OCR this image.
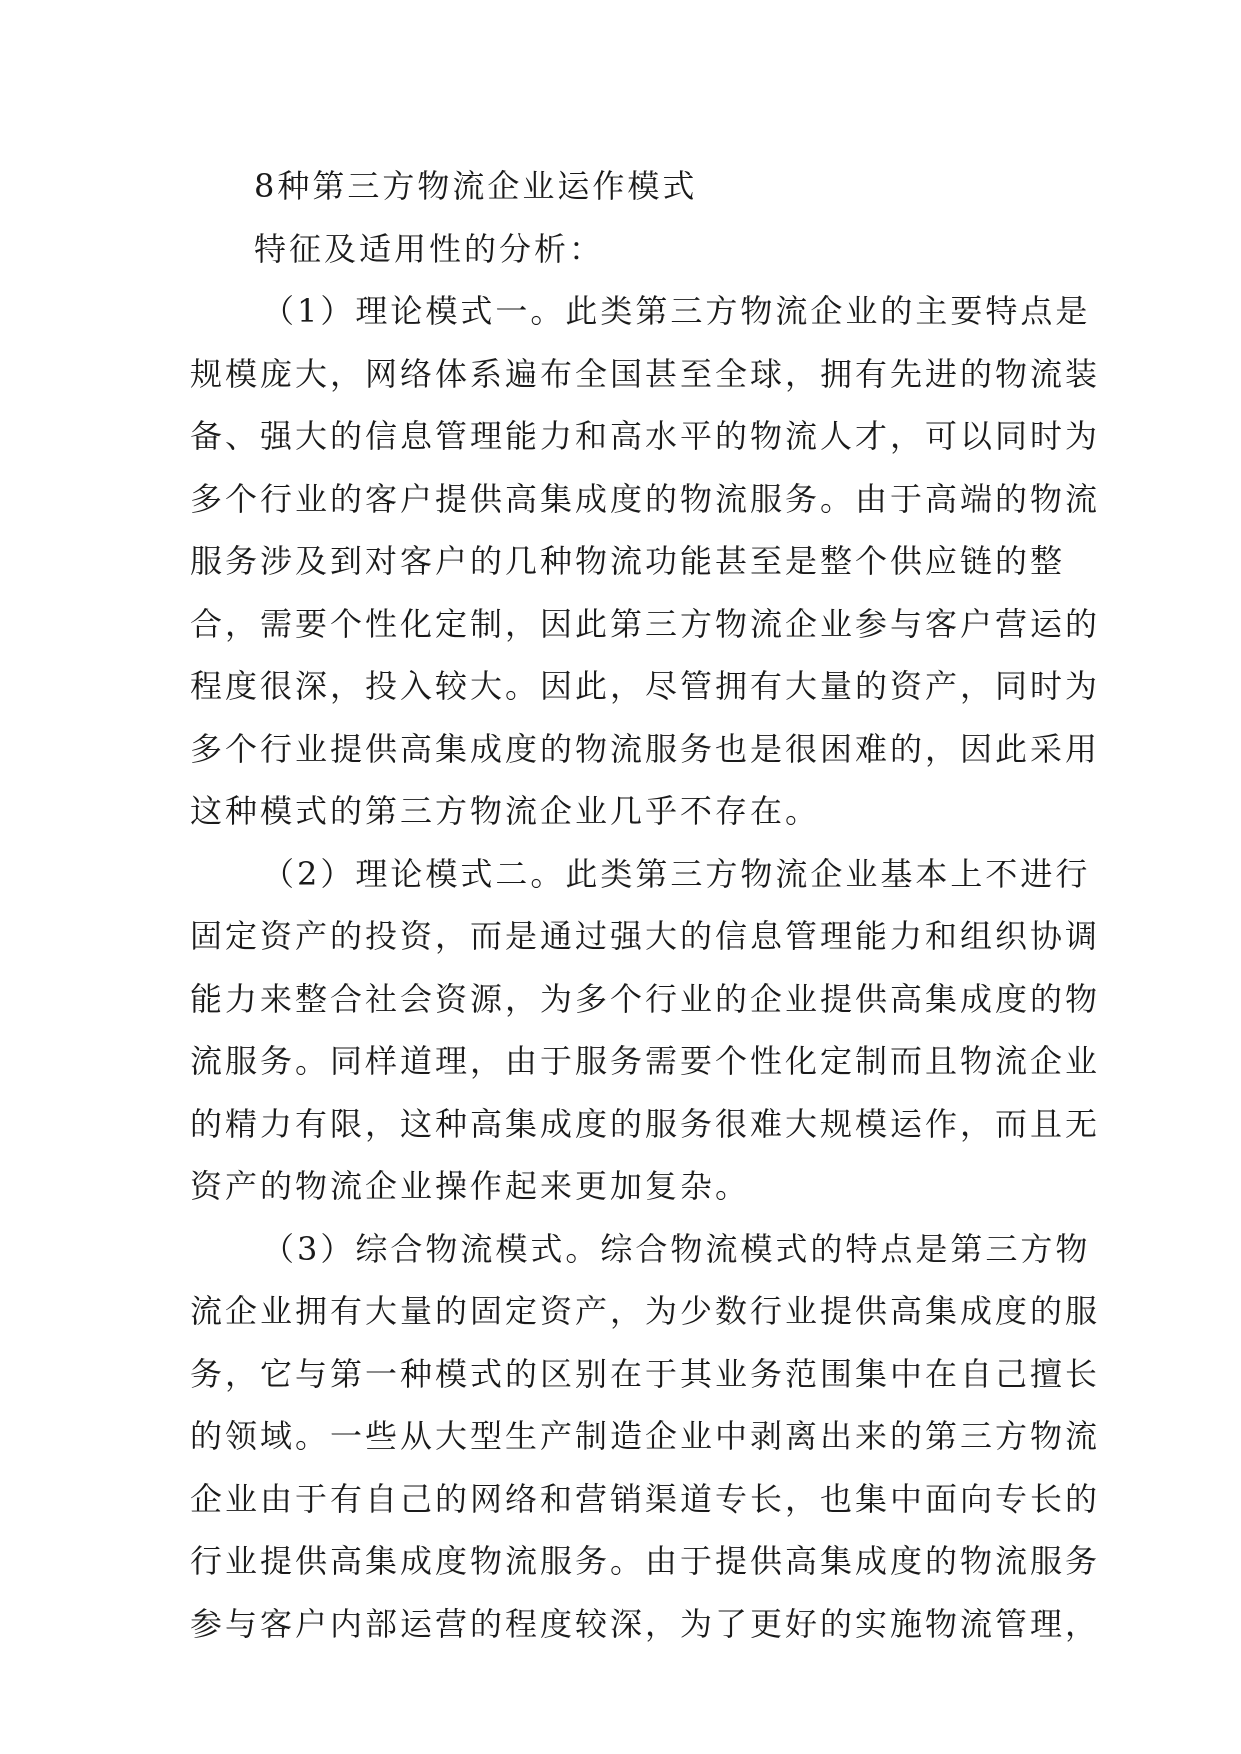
8种第三方物流企业运作模式

特征及适用性的分析：

（1）理论模式一。此类第三方物流企业的主要特点是

规模庞大，网络体系遍布全国甚至全球，拥有先进的物流装

备、强大的信息管理能力和高水平的物流人才，可以同时为

多个行业的客户提供高集成度的物流服务。由于高端的物流

服务涉及到对客户的几种物流功能甚至是整个供应链的整

合，需要个性化定制，因此第三方物流企业参与客户营运的

程度很深，投入较大。因此，尽管拥有大量的资产，同时为

多个行业提供高集成度的物流服务也是很困难的，因此采用

这种模式的第三方物流企业几乎不存在。

（2）理论模式二。此类第三方物流企业基本上不进行

固定资产的投资，而是通过强大的信息管理能力和组织协调

能力来整合社会资源，为多个行业的企业提供高集成度的物

流服务。同样道理，由于服务需要个性化定制而且物流企业

的精力有限，这种高集成度的服务很难大规模运作，而且无

资产的物流企业操作起来更加复杂。

（3）综合物流模式。综合物流模式的特点是第三方物

流企业拥有大量的固定资产，为少数行业提供高集成度的服

务，它与第一种模式的区别在于其业务范围集中在自己擅长

的领域。一些从大型生产制造企业中剥离出来的第三方物流

企业由于有自己的网络和营销渠道专长，也集中面向专长的

行业提供高集成度物流服务。由于提供高集成度的物流服务

参与客户内部运营的程度较深，为了更好的实施物流管理，
